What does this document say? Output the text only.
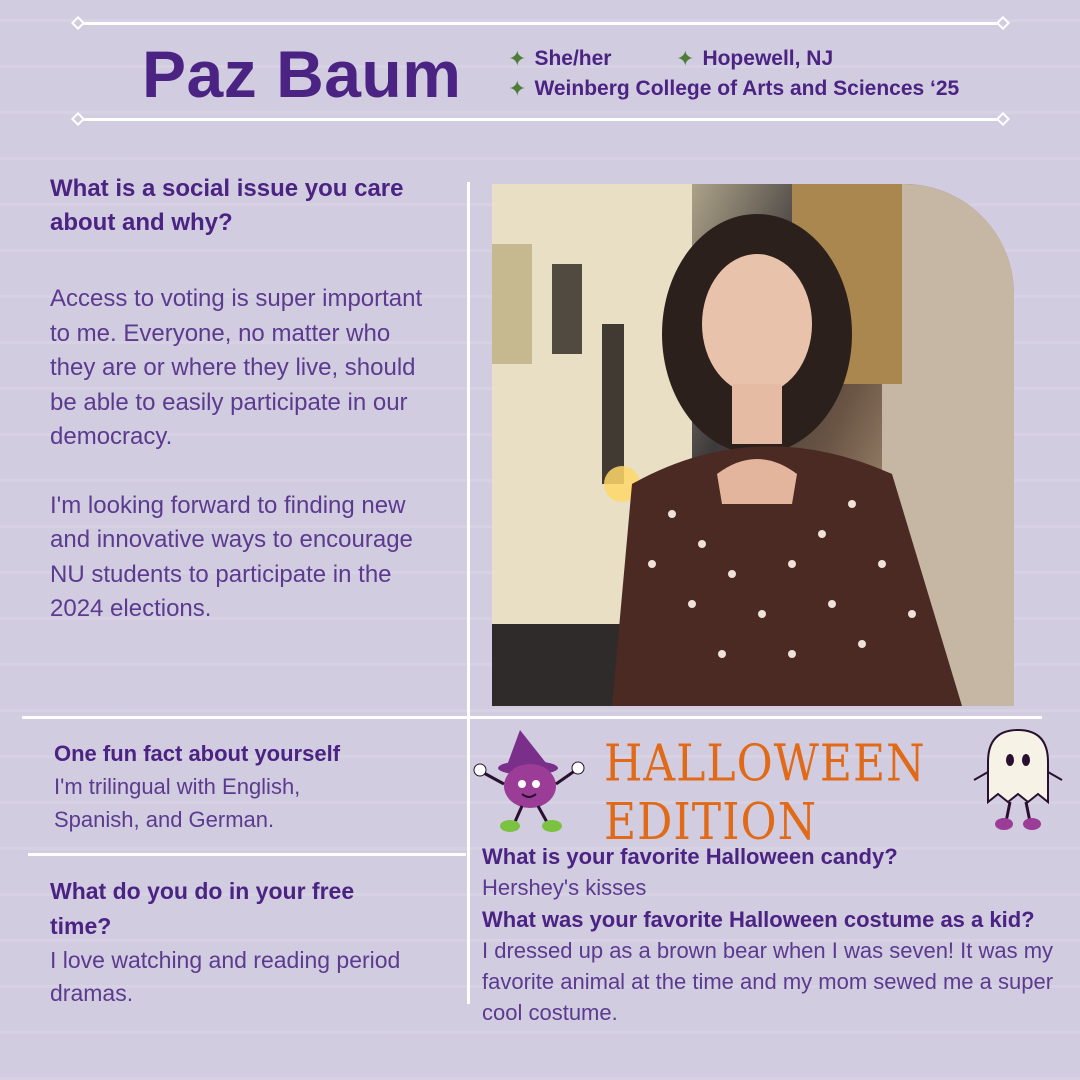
Paz Baum ✦ She/her	✦ Hopewell, NJ
✦ Weinberg College of Arts and Sciences ‘25
What is a social issue you care about and why?
Access to voting is super important to me. Everyone, no matter who they are or where they live, should be able to easily participate in our democracy.
I'm looking forward to finding new and innovative ways to encourage NU students to participate in the 2024 elections.
One fun fact about yourself
I'm trilingual with English, Spanish, and German.
What do you do in your free time?
I love watching and reading period dramas.
HALLOWEEN EDITION
What is your favorite Halloween candy?
Hershey's kisses
What was your favorite Halloween costume as a kid?
I dressed up as a brown bear when I was seven! It was my favorite animal at the time and my mom sewed me a super cool costume.
